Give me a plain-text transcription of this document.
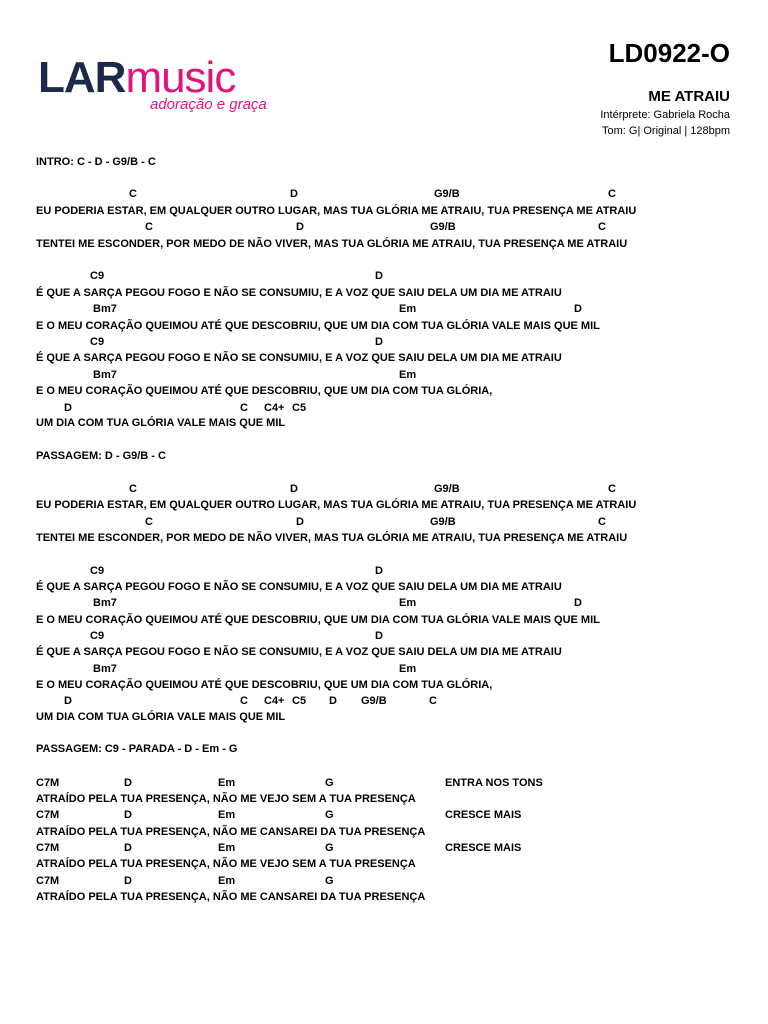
LARmusic
adoração e graça
LD0922-O
ME ATRAIU
Intérprete: Gabriela Rocha
Tom: G| Original | 128bpm
INTRO: C - D - G9/B - C
C	D	G9/B	C
EU PODERIA ESTAR, EM QUALQUER OUTRO LUGAR, MAS TUA GLÓRIA ME ATRAIU, TUA PRESENÇA ME ATRAIU
C	D	G9/B	C
TENTEI ME ESCONDER, POR MEDO DE NÃO VIVER, MAS TUA GLÓRIA ME ATRAIU, TUA PRESENÇA ME ATRAIU
C9	D
É QUE A SARÇA PEGOU FOGO E NÃO SE CONSUMIU, E A VOZ QUE SAIU DELA UM DIA ME ATRAIU
Bm7	Em	D
E O MEU CORAÇÃO QUEIMOU ATÉ QUE DESCOBRIU, QUE UM DIA COM TUA GLÓRIA VALE MAIS QUE MIL
C9	D
É QUE A SARÇA PEGOU FOGO E NÃO SE CONSUMIU, E A VOZ QUE SAIU DELA UM DIA ME ATRAIU
Bm7	Em
E O MEU CORAÇÃO QUEIMOU ATÉ QUE DESCOBRIU, QUE UM DIA COM TUA GLÓRIA,
D	C C4+ C5
UM DIA COM TUA GLÓRIA VALE MAIS QUE MIL
PASSAGEM: D - G9/B - C
C	D	G9/B	C
EU PODERIA ESTAR, EM QUALQUER OUTRO LUGAR, MAS TUA GLÓRIA ME ATRAIU, TUA PRESENÇA ME ATRAIU
C	D	G9/B	C
TENTEI ME ESCONDER, POR MEDO DE NÃO VIVER, MAS TUA GLÓRIA ME ATRAIU, TUA PRESENÇA ME ATRAIU
C9	D
É QUE A SARÇA PEGOU FOGO E NÃO SE CONSUMIU, E A VOZ QUE SAIU DELA UM DIA ME ATRAIU
Bm7	Em	D
E O MEU CORAÇÃO QUEIMOU ATÉ QUE DESCOBRIU, QUE UM DIA COM TUA GLÓRIA VALE MAIS QUE MIL
C9	D
É QUE A SARÇA PEGOU FOGO E NÃO SE CONSUMIU, E A VOZ QUE SAIU DELA UM DIA ME ATRAIU
Bm7	Em
E O MEU CORAÇÃO QUEIMOU ATÉ QUE DESCOBRIU, QUE UM DIA COM TUA GLÓRIA,
D	C C4+ C5 D G9/B	C
UM DIA COM TUA GLÓRIA VALE MAIS QUE MIL
PASSAGEM: C9 - PARADA - D - Em - G
C7M	D	Em	G	ENTRA NOS TONS
ATRAÍDO PELA TUA PRESENÇA, NÃO ME VEJO SEM A TUA PRESENÇA
C7M	D	Em	G	CRESCE MAIS
ATRAÍDO PELA TUA PRESENÇA, NÃO ME CANSAREI DA TUA PRESENÇA
C7M	D	Em	G	CRESCE MAIS
ATRAÍDO PELA TUA PRESENÇA, NÃO ME VEJO SEM A TUA PRESENÇA
C7M	D	Em	G
ATRAÍDO PELA TUA PRESENÇA, NÃO ME CANSAREI DA TUA PRESENÇA
